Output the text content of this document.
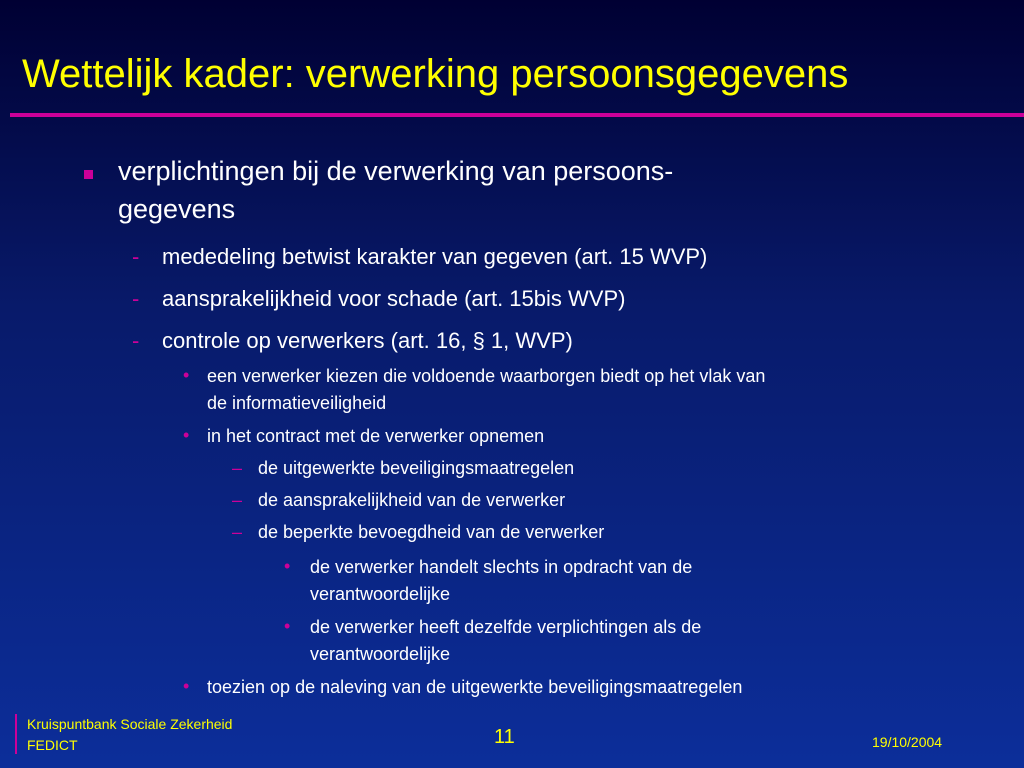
Wettelijk kader: verwerking persoonsgegevens
verplichtingen bij de verwerking van persoons-
gegevens
- mededeling betwist karakter van gegeven (art. 15 WVP)
- aansprakelijkheid voor schade (art. 15bis WVP)
- controle op verwerkers (art. 16, § 1, WVP)
• een verwerker kiezen die voldoende waarborgen biedt op het vlak van
de informatieveiligheid
• in het contract met de verwerker opnemen
– de uitgewerkte beveiligingsmaatregelen
– de aansprakelijkheid van de verwerker
– de beperkte bevoegdheid van de verwerker
• de verwerker handelt slechts in opdracht van de
verantwoordelijke
• de verwerker heeft dezelfde verplichtingen als de
verantwoordelijke
• toezien op de naleving van de uitgewerkte beveiligingsmaatregelen
Kruispuntbank Sociale Zekerheid
FEDICT	11	19/10/2004
